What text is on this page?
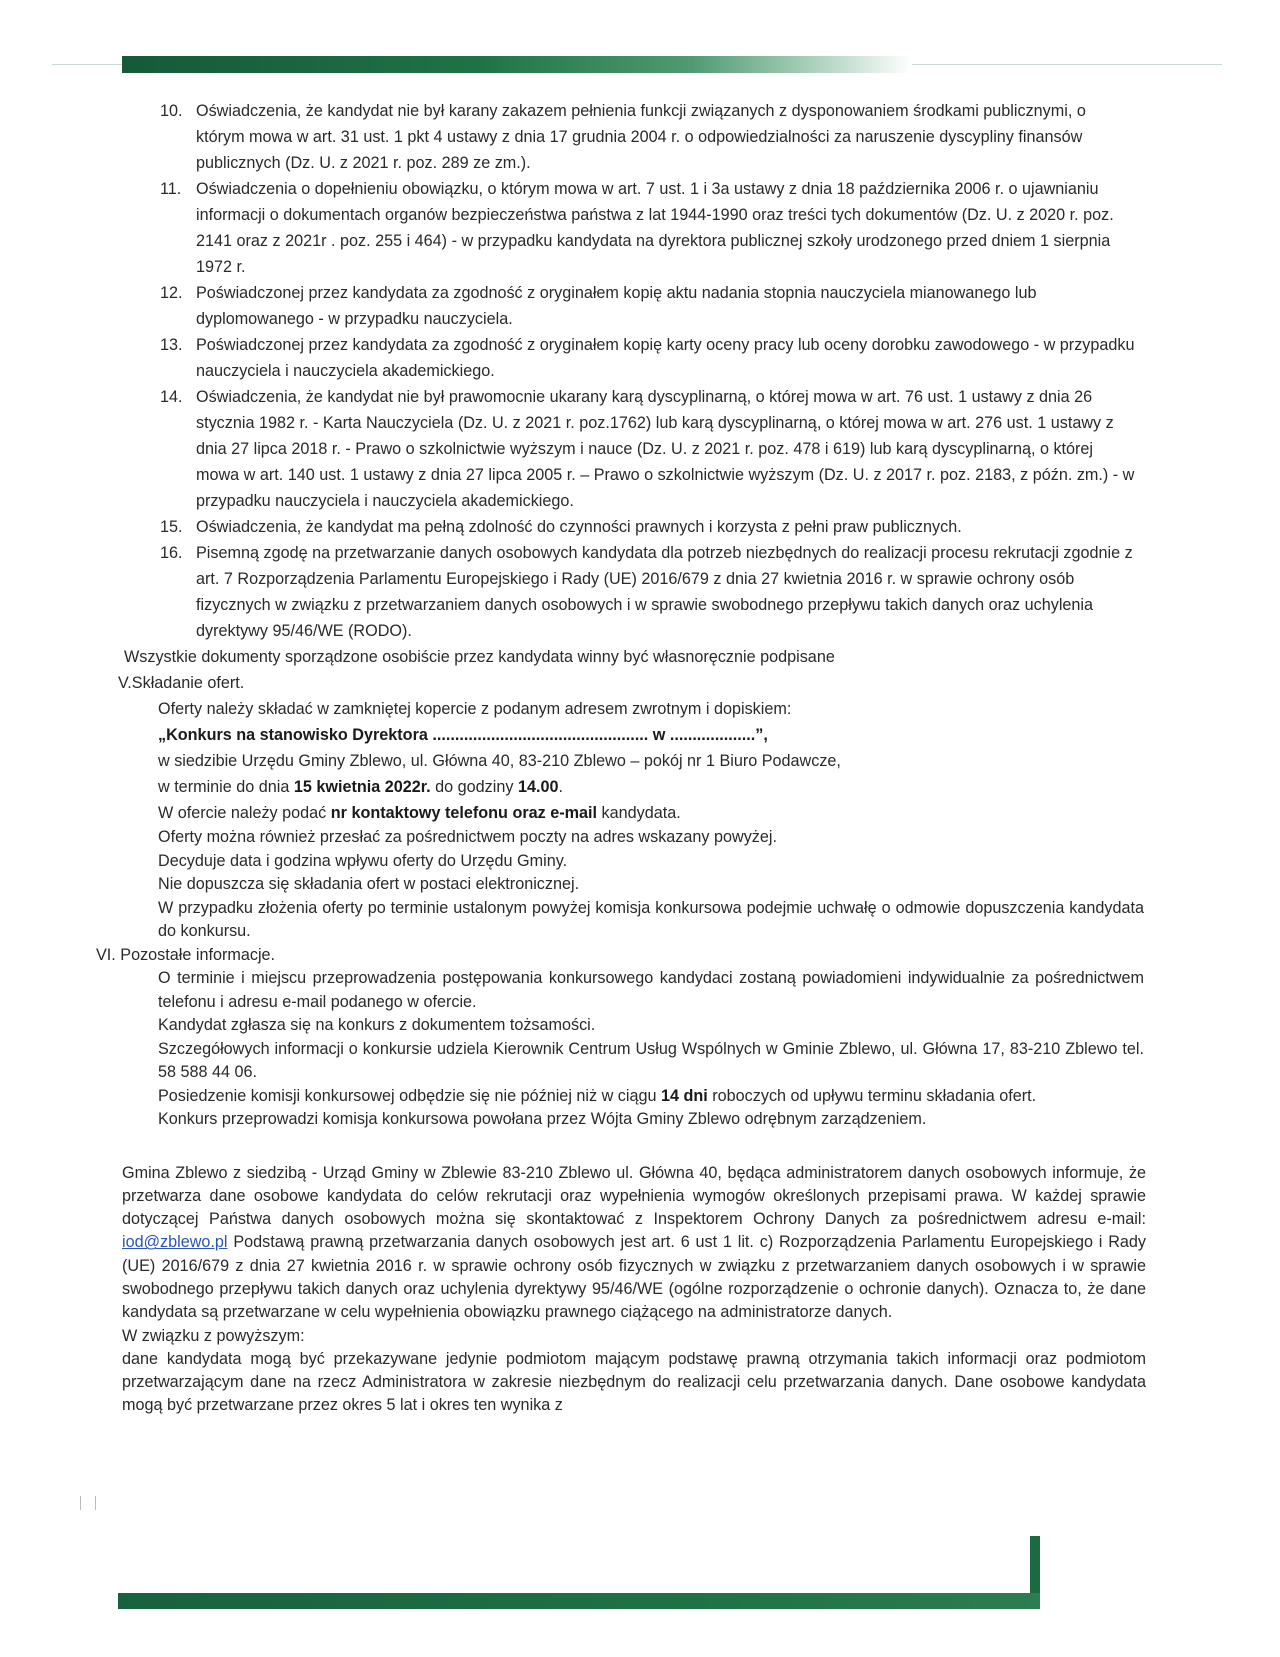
10. Oświadczenia, że kandydat nie był karany zakazem pełnienia funkcji związanych z dysponowaniem środkami publicznymi, o którym mowa w art. 31 ust. 1 pkt 4 ustawy z dnia 17 grudnia 2004 r. o odpowiedzialności za naruszenie dyscypliny finansów publicznych (Dz. U. z 2021 r. poz. 289 ze zm.).
11. Oświadczenia o dopełnieniu obowiązku, o którym mowa w art. 7 ust. 1 i 3a ustawy z dnia 18 października 2006 r. o ujawnianiu informacji o dokumentach organów bezpieczeństwa państwa z lat 1944-1990 oraz treści tych dokumentów (Dz. U. z 2020 r. poz. 2141 oraz z 2021r . poz. 255 i 464) - w przypadku kandydata na dyrektora publicznej szkoły urodzonego przed dniem 1 sierpnia 1972 r.
12. Poświadczonej przez kandydata za zgodność z oryginałem kopię aktu nadania stopnia nauczyciela mianowanego lub dyplomowanego - w przypadku nauczyciela.
13. Poświadczonej przez kandydata za zgodność z oryginałem kopię karty oceny pracy lub oceny dorobku zawodowego - w przypadku nauczyciela i nauczyciela akademickiego.
14. Oświadczenia, że kandydat nie był prawomocnie ukarany karą dyscyplinarną, o której mowa w art. 76 ust. 1 ustawy z dnia 26 stycznia 1982 r. - Karta Nauczyciela (Dz. U. z 2021 r. poz.1762) lub karą dyscyplinarną, o której mowa w art. 276 ust. 1 ustawy z dnia 27 lipca 2018 r. - Prawo o szkolnictwie wyższym i nauce (Dz. U. z 2021 r. poz. 478 i 619) lub karą dyscyplinarną, o której mowa w art. 140 ust. 1 ustawy z dnia 27 lipca 2005 r. – Prawo o szkolnictwie wyższym (Dz. U. z 2017 r. poz. 2183, z późn. zm.) - w przypadku nauczyciela i nauczyciela akademickiego.
15. Oświadczenia, że kandydat ma pełną zdolność do czynności prawnych i korzysta z pełni praw publicznych.
16. Pisemną zgodę na przetwarzanie danych osobowych kandydata dla potrzeb niezbędnych do realizacji procesu rekrutacji zgodnie z art. 7 Rozporządzenia Parlamentu Europejskiego i Rady (UE) 2016/679 z dnia 27 kwietnia 2016 r. w sprawie ochrony osób fizycznych w związku z przetwarzaniem danych osobowych i w sprawie swobodnego przepływu takich danych oraz uchylenia dyrektywy 95/46/WE (RODO).
Wszystkie dokumenty sporządzone osobiście przez kandydata winny być własnoręcznie podpisane
V.Składanie ofert.
Oferty należy składać w zamkniętej kopercie z podanym adresem zwrotnym i dopiskiem:
„Konkurs na stanowisko Dyrektora ................................................ w ...................”,
w siedzibie Urzędu Gminy Zblewo, ul. Główna 40, 83-210 Zblewo – pokój nr 1 Biuro Podawcze,
w terminie do dnia 15 kwietnia 2022r. do godziny 14.00.
W ofercie należy podać nr kontaktowy telefonu oraz e-mail kandydata.
Oferty można również przesłać za pośrednictwem poczty na adres wskazany powyżej.
Decyduje data i godzina wpływu oferty do Urzędu Gminy.
Nie dopuszcza się składania ofert w postaci elektronicznej.
W przypadku złożenia oferty po terminie ustalonym powyżej komisja konkursowa podejmie uchwałę o odmowie dopuszczenia kandydata do konkursu.
VI. Pozostałe informacje.
O terminie i miejscu przeprowadzenia postępowania konkursowego kandydaci zostaną powiadomieni indywidualnie za pośrednictwem telefonu i adresu e-mail podanego w ofercie.
Kandydat zgłasza się na konkurs z dokumentem tożsamości.
Szczegółowych informacji o konkursie udziela Kierownik Centrum Usług Wspólnych w Gminie Zblewo, ul. Główna 17, 83-210 Zblewo tel. 58 588 44 06.
Posiedzenie komisji konkursowej odbędzie się nie później niż w ciągu 14 dni roboczych od upływu terminu składania ofert.
Konkurs przeprowadzi komisja konkursowa powołana przez Wójta Gminy Zblewo odrębnym zarządzeniem.
Gmina Zblewo z siedzibą - Urząd Gminy w Zblewie 83-210 Zblewo ul. Główna 40, będąca administratorem danych osobowych informuje, że przetwarza dane osobowe kandydata do celów rekrutacji oraz wypełnienia wymogów określonych przepisami prawa. W każdej sprawie dotyczącej Państwa danych osobowych można się skontaktować z Inspektorem Ochrony Danych za pośrednictwem adresu e-mail: iod@zblewo.pl Podstawą prawną przetwarzania danych osobowych jest art. 6 ust 1 lit. c) Rozporządzenia Parlamentu Europejskiego i Rady (UE) 2016/679 z dnia 27 kwietnia 2016 r. w sprawie ochrony osób fizycznych w związku z przetwarzaniem danych osobowych i w sprawie swobodnego przepływu takich danych oraz uchylenia dyrektywy 95/46/WE (ogólne rozporządzenie o ochronie danych). Oznacza to, że dane kandydata są przetwarzane w celu wypełnienia obowiązku prawnego ciążącego na administratorze danych.
W związku z powyższym:
dane kandydata mogą być przekazywane jedynie podmiotom mającym podstawę prawną otrzymania takich informacji oraz podmiotom przetwarzającym dane na rzecz Administratora w zakresie niezbędnym do realizacji celu przetwarzania danych. Dane osobowe kandydata mogą być przetwarzane przez okres 5 lat i okres ten wynika z
